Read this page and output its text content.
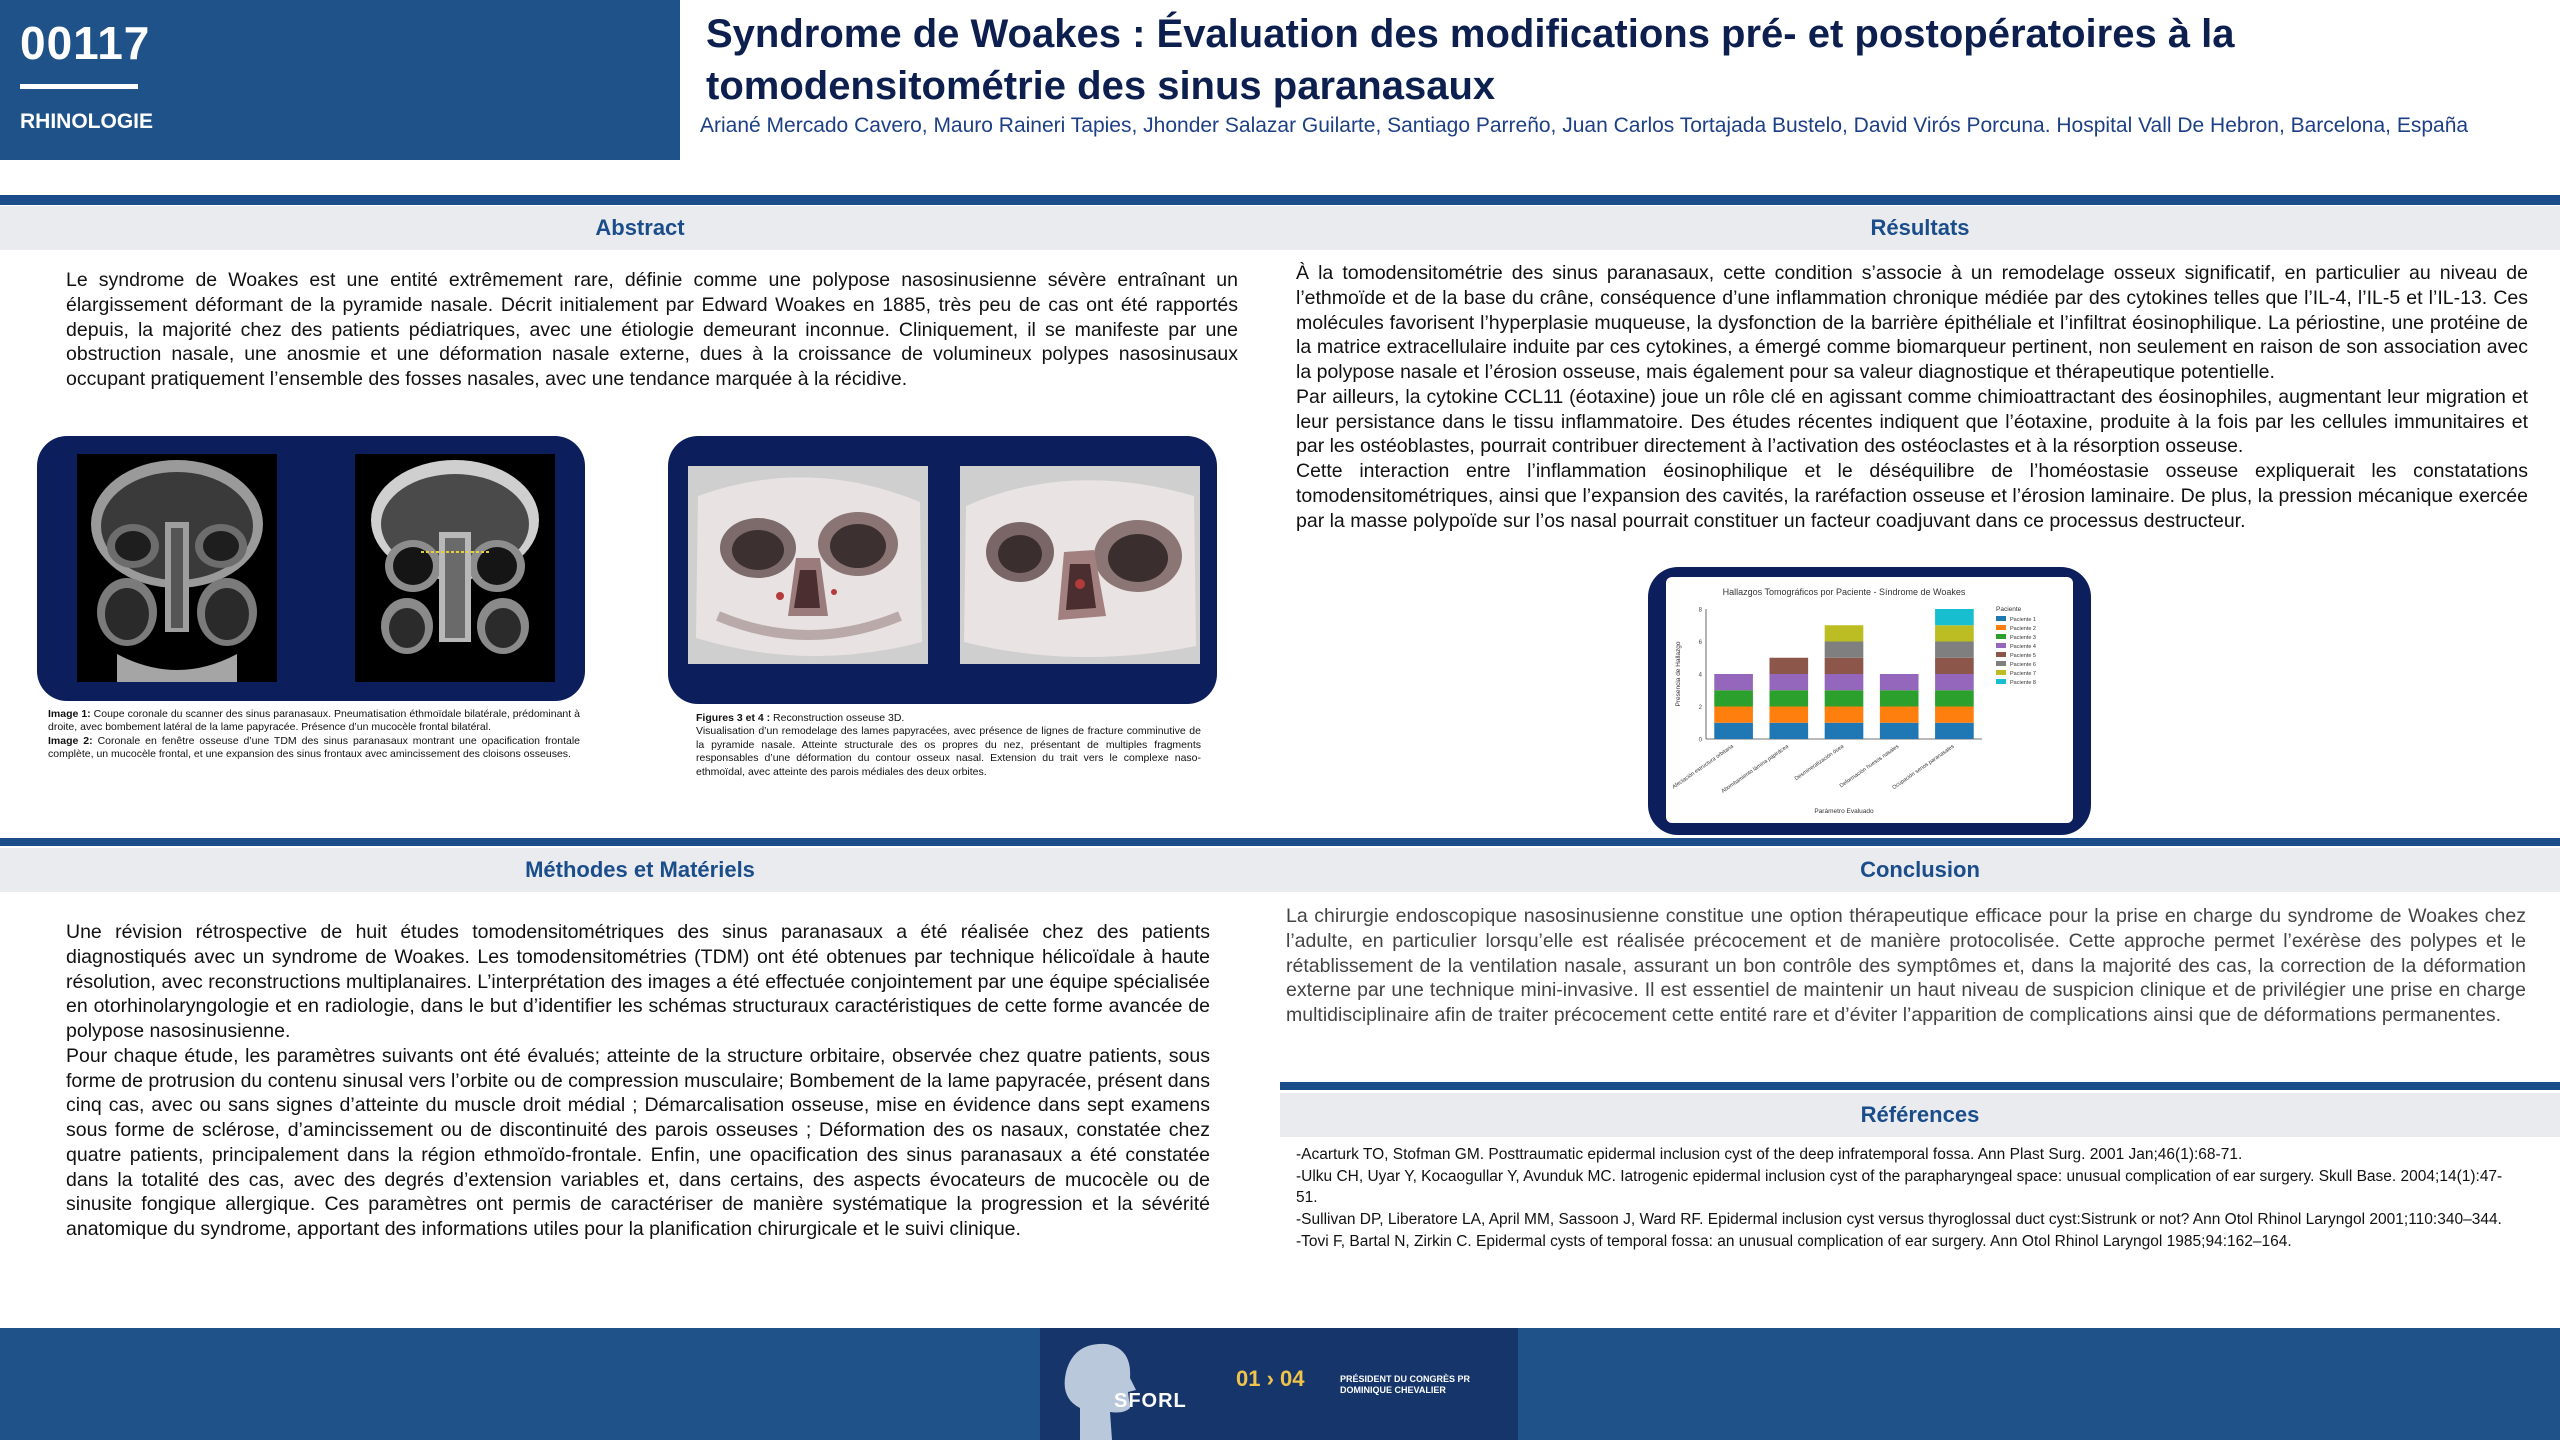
00117
RHINOLOGIE
Syndrome de Woakes : Évaluation des modifications pré- et postopératoires à la tomodensitométrie des sinus paranasaux
Ariané Mercado Cavero, Mauro Raineri Tapies, Jhonder Salazar Guilarte, Santiago Parreño, Juan Carlos Tortajada Bustelo, David Virós Porcuna. Hospital Vall De Hebron, Barcelona, España
Abstract

Le syndrome de Woakes est une entité extrêmement rare, définie comme une polypose nasosinusienne sévère entraînant un élargissement déformant de la pyramide nasale. Décrit initialement par Edward Woakes en 1885, très peu de cas ont été rapportés depuis, la majorité chez des patients pédiatriques, avec une étiologie demeurant inconnue. Cliniquement, il se manifeste par une obstruction nasale, une anosmie et une déformation nasale externe, dues à la croissance de volumineux polypes nasosinusaux occupant pratiquement l’ensemble des fosses nasales, avec une tendance marquée à la récidive.

Image 1: Coupe coronale du scanner des sinus paranasaux. Pneumatisation éthmoïdale bilatérale, prédominant à droite, avec bombement latéral de la lame papyracée. Présence d’un mucocèle frontal bilatéral.
Image 2: Coronale en fenêtre osseuse d’une TDM des sinus paranasaux montrant une opacification frontale complète, un mucocèle frontal, et une expansion des sinus frontaux avec amincissement des cloisons osseuses.
Figures 3 et 4 : Reconstruction osseuse 3D.
Visualisation d’un remodelage des lames papyracées, avec présence de lignes de fracture comminutive de la pyramide nasale. Atteinte structurale des os propres du nez, présentant de multiples fragments responsables d’une déformation du contour osseux nasal. Extension du trait vers le complexe naso-ethmoïdal, avec atteinte des parois médiales des deux orbites.
Résultats

À la tomodensitométrie des sinus paranasaux, cette condition s’associe à un remodelage osseux significatif, en particulier au niveau de l’ethmoïde et de la base du crâne, conséquence d’une inflammation chronique médiée par des cytokines telles que l’IL-4, l’IL-5 et l’IL-13. Ces molécules favorisent l’hyperplasie muqueuse, la dysfonction de la barrière épithéliale et l’infiltrat éosinophilique. La périostine, une protéine de la matrice extracellulaire induite par ces cytokines, a émergé comme biomarqueur pertinent, non seulement en raison de son association avec la polypose nasale et l’érosion osseuse, mais également pour sa valeur diagnostique et thérapeutique potentielle.

Par ailleurs, la cytokine CCL11 (éotaxine) joue un rôle clé en agissant comme chimioattractant des éosinophiles, augmentant leur migration et leur persistance dans le tissu inflammatoire. Des études récentes indiquent que l’éotaxine, produite à la fois par les cellules immunitaires et par les ostéoblastes, pourrait contribuer directement à l’activation des ostéoclastes et à la résorption osseuse.

Cette interaction entre l’inflammation éosinophilique et le déséquilibre de l’homéostasie osseuse expliquerait les constatations tomodensitométriques, ainsi que l’expansion des cavités, la raréfaction osseuse et l’érosion laminaire. De plus, la pression mécanique exercée par la masse polypoïde sur l’os nasal pourrait constituer un facteur coadjuvant dans ce processus destructeur.

Hallazgos Tomográficos por Paciente - Síndrome de Woakes
0
2
4
6
8
Afectación estructura orbitaria
Abombamiento lámina papirácea Desmineralización ósea
Deformación huesos nasales
Ocupación senos paranasales
Parámetro Evaluado
Presencia de Hallazgo
Paciente
Paciente 1
Paciente 2
Paciente 3
Paciente 4
Paciente 5
Paciente 6
Paciente 7
Paciente 8
Méthodes et Matériels

Une révision rétrospective de huit études tomodensitométriques des sinus paranasaux a été réalisée chez des patients diagnostiqués avec un syndrome de Woakes. Les tomodensitométries (TDM) ont été obtenues par technique hélicoïdale à haute résolution, avec reconstructions multiplanaires. L’interprétation des images a été effectuée conjointement par une équipe spécialisée en otorhinolaryngologie et en radiologie, dans le but d’identifier les schémas structuraux caractéristiques de cette forme avancée de polypose nasosinusienne.

Pour chaque étude, les paramètres suivants ont été évalués; atteinte de la structure orbitaire, observée chez quatre patients, sous forme de protrusion du contenu sinusal vers l’orbite ou de compression musculaire; Bombement de la lame papyracée, présent dans cinq cas, avec ou sans signes d’atteinte du muscle droit médial ; Démarcalisation osseuse, mise en évidence dans sept examens sous forme de sclérose, d’amincissement ou de discontinuité des parois osseuses ; Déformation des os nasaux, constatée chez quatre patients, principalement dans la région ethmoïdo-frontale. Enfin, une opacification des sinus paranasaux a été constatée dans la totalité des cas, avec des degrés d’extension variables et, dans certains, des aspects évocateurs de mucocèle ou de sinusite fongique allergique. Ces paramètres ont permis de caractériser de manière systématique la progression et la sévérité anatomique du syndrome, apportant des informations utiles pour la planification chirurgicale et le suivi clinique.

Conclusion

La chirurgie endoscopique nasosinusienne constitue une option thérapeutique efficace pour la prise en charge du syndrome de Woakes chez l’adulte, en particulier lorsqu’elle est réalisée précocement et de manière protocolisée. Cette approche permet l’exérèse des polypes et le rétablissement de la ventilation nasale, assurant un bon contrôle des symptômes et, dans la majorité des cas, la correction de la déformation externe par une technique mini-invasive. Il est essentiel de maintenir un haut niveau de suspicion clinique et de privilégier une prise en charge multidisciplinaire afin de traiter précocement cette entité rare et d’éviter l’apparition de complications ainsi que de déformations permanentes.

Références
-Acarturk TO, Stofman GM. Posttraumatic epidermal inclusion cyst of the deep infratemporal fossa. Ann Plast Surg. 2001 Jan;46(1):68-71.
-Ulku CH, Uyar Y, Kocaogullar Y, Avunduk MC. Iatrogenic epidermal inclusion cyst of the parapharyngeal space: unusual complication of ear surgery. Skull Base. 2004;14(1):47-51.
-Sullivan DP, Liberatore LA, April MM, Sassoon J, Ward RF. Epidermal inclusion cyst versus thyroglossal duct cyst:Sistrunk or not? Ann Otol Rhinol Laryngol 2001;110:340–344.
-Tovi F, Bartal N, Zirkin C. Epidermal cysts of temporal fossa: an unusual complication of ear surgery. Ann Otol Rhinol Laryngol 1985;94:162–164.
SFORL
01 › 04	PRÉSIDENT DU CONGRÈS PR DOMINIQUE CHEVALIER
